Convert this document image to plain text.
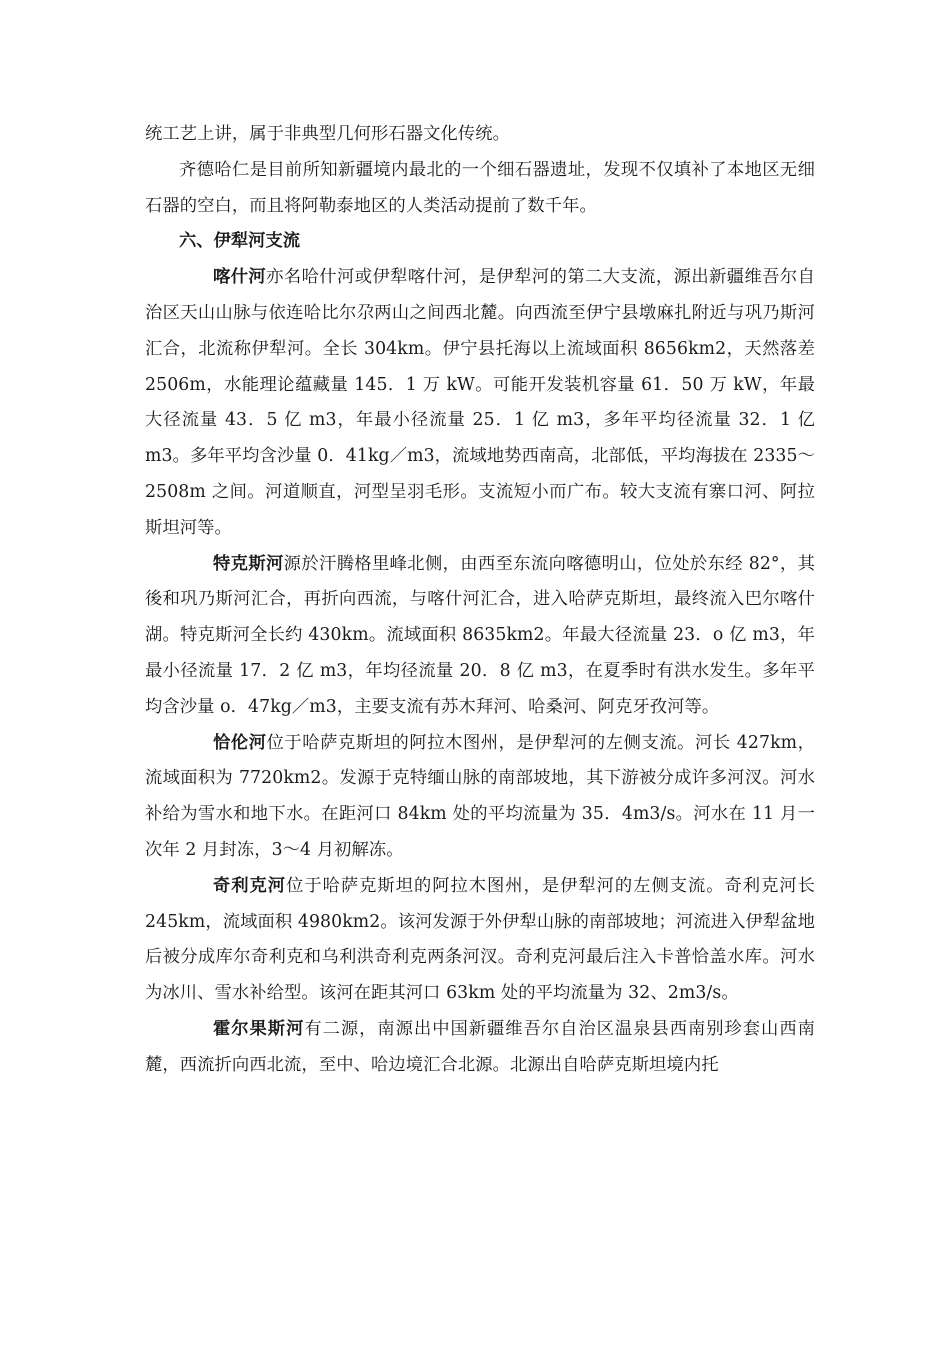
统工艺上讲，属于非典型几何形石器文化传统。

齐德哈仁是目前所知新疆境内最北的一个细石器遗址，发现不仅填补了本地区无细石器的空白，而且将阿勒泰地区的人类活动提前了数千年。

六、伊犁河支流

喀什河亦名哈什河或伊犁喀什河，是伊犁河的第二大支流，源出新疆维吾尔自治区天山山脉与依连哈比尔尕两山之间西北麓。向西流至伊宁县墩麻扎附近与巩乃斯河汇合，北流称伊犁河。全长 304km。伊宁县托海以上流域面积 8656km2，天然落差 2506m，水能理论蕴藏量 145．1 万 kW。可能开发装机容量 61．50 万 kW，年最大径流量 43．5 亿 m3，年最小径流量 25．1 亿 m3，多年平均径流量 32．1 亿 m3。多年平均含沙量 0．41kg／m3，流域地势西南高，北部低，平均海拔在 2335～2508m 之间。河道顺直，河型呈羽毛形。支流短小而广布。较大支流有寨口河、阿拉斯坦河等。

特克斯河源於汗腾格里峰北侧，由西至东流向喀德明山，位处於东经 82°，其後和巩乃斯河汇合，再折向西流，与喀什河汇合，进入哈萨克斯坦，最终流入巴尔喀什湖。特克斯河全长约 430km。流域面积 8635km2。年最大径流量 23．o 亿 m3，年最小径流量 17．2 亿 m3，年均径流量 20．8 亿 m3，在夏季时有洪水发生。多年平均含沙量 o．47kg／m3，主要支流有苏木拜河、哈桑河、阿克牙孜河等。

恰伦河位于哈萨克斯坦的阿拉木图州，是伊犁河的左侧支流。河长 427km，流域面积为 7720km2。发源于克特缅山脉的南部坡地，其下游被分成许多河汊。河水补给为雪水和地下水。在距河口 84km 处的平均流量为 35．4m3/s。河水在 11 月一次年 2 月封冻，3～4 月初解冻。

奇利克河位于哈萨克斯坦的阿拉木图州，是伊犁河的左侧支流。奇利克河长 245km，流域面积 4980km2。该河发源于外伊犁山脉的南部坡地；河流进入伊犁盆地后被分成库尔奇利克和乌利洪奇利克两条河汊。奇利克河最后注入卡普恰盖水库。河水为冰川、雪水补给型。该河在距其河口 63km 处的平均流量为 32、2m3/s。

霍尔果斯河有二源，南源出中国新疆维吾尔自治区温泉县西南别珍套山西南麓，西流折向西北流，至中、哈边境汇合北源。北源出自哈萨克斯坦境内托
